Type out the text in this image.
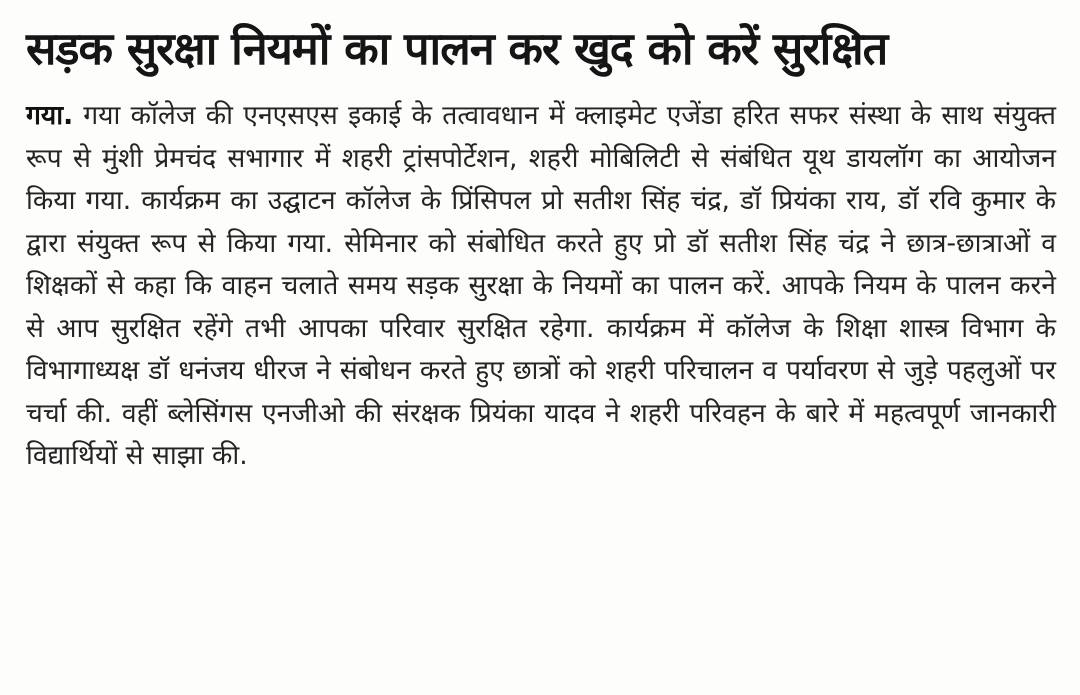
सड़क सुरक्षा नियमों का पालन कर खुद को करें सुरक्षित

गया. गया कॉलेज की एनएसएस इकाई के तत्वावधान में क्लाइमेट एजेंडा हरित सफर संस्था के साथ संयुक्त रूप से मुंशी प्रेमचंद सभागार में शहरी ट्रांसपोर्टेशन, शहरी मोबिलिटी से संबंधित यूथ डायलॉग का आयोजन किया गया. कार्यक्रम का उद्घाटन कॉलेज के प्रिंसिपल प्रो सतीश सिंह चंद्र, डॉ प्रियंका राय, डॉ रवि कुमार के द्वारा संयुक्त रूप से किया गया. सेमिनार को संबोधित करते हुए प्रो डॉ सतीश सिंह चंद्र ने छात्र-छात्राओं व शिक्षकों से कहा कि वाहन चलाते समय सड़क सुरक्षा के नियमों का पालन करें. आपके नियम के पालन करने से आप सुरक्षित रहेंगे तभी आपका परिवार सुरक्षित रहेगा. कार्यक्रम में कॉलेज के शिक्षा शास्त्र विभाग के विभागाध्यक्ष डॉ धनंजय धीरज ने संबोधन करते हुए छात्रों को शहरी परिचालन व पर्यावरण से जुड़े पहलुओं पर चर्चा की. वहीं ब्लेसिंगस एनजीओ की संरक्षक प्रियंका यादव ने शहरी परिवहन के बारे में महत्वपूर्ण जानकारी विद्यार्थियों से साझा की.
